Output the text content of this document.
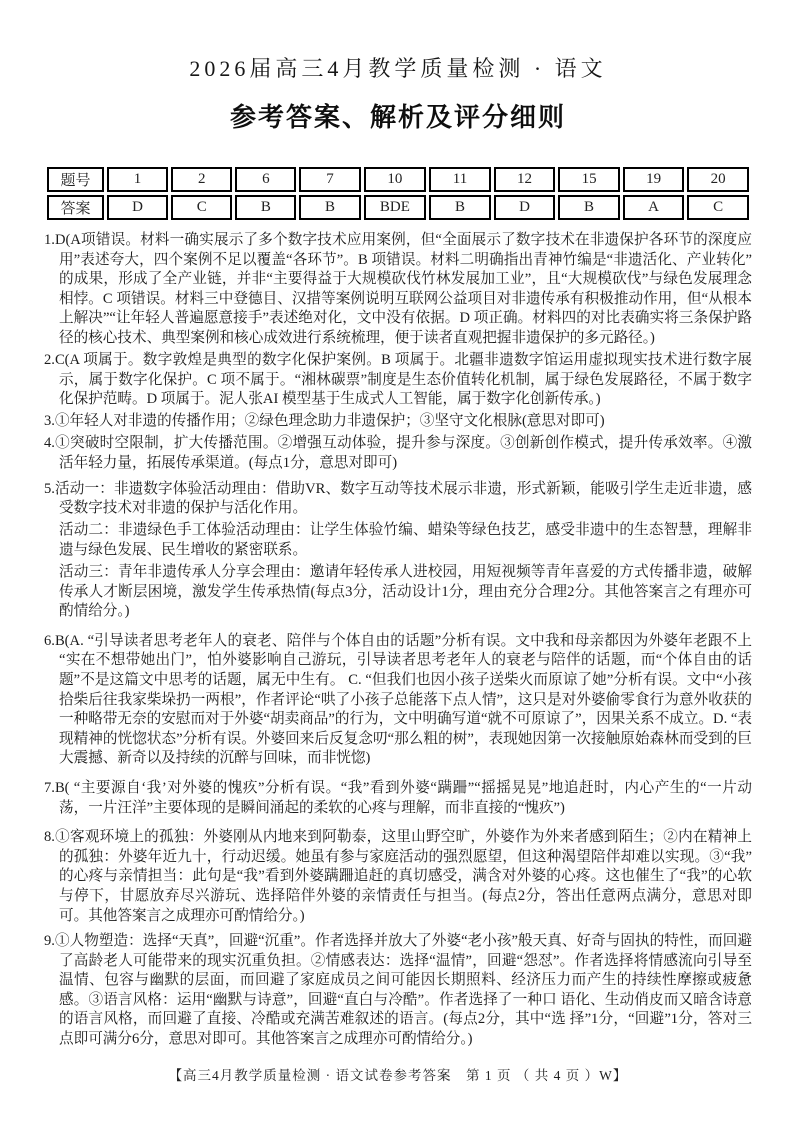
2026届高三4月教学质量检测 · 语文
参考答案、解析及评分细则
题号	1	2	6	7	10	11	12	15	19	20
答案	D	C	B	B	BDE	B	D	B	A	C

1.D(A项错误。材料一确实展示了多个数字技术应用案例，但“全面展示了数字技术在非遗保护各环节的深度应用”表述夸大，四个案例不足以覆盖“各环节”。B 项错误。材料二明确指出青神竹编是“非遗活化、产业转化”的成果，形成了全产业链，并非“主要得益于大规模砍伐竹林发展加工业”，且“大规模砍伐”与绿色发展理念相悖。C 项错误。材料三中登德目、汉措等案例说明互联网公益项目对非遗传承有积极推动作用，但“从根本上解决”“让年轻人普遍愿意接手”表述绝对化，文中没有依据。D 项正确。材料四的对比表确实将三条保护路径的核心技术、典型案例和核心成效进行系统梳理，便于读者直观把握非遗保护的多元路径。)

2.C(A 项属于。数字敦煌是典型的数字化保护案例。B 项属于。北疆非遗数字馆运用虚拟现实技术进行数字展示，属于数字化保护。C 项不属于。“湘林碳票”制度是生态价值转化机制，属于绿色发展路径，不属于数字化保护范畴。D 项属于。泥人张AI 模型基于生成式人工智能，属于数字化创新传承。)

3.①年轻人对非遗的传播作用；②绿色理念助力非遗保护；③坚守文化根脉(意思对即可)

4.①突破时空限制，扩大传播范围。②增强互动体验，提升参与深度。③创新创作模式，提升传承效率。④激活年轻力量，拓展传承渠道。(每点1分，意思对即可)

5.活动一：非遗数字体验活动理由：借助VR、数字互动等技术展示非遗，形式新颖，能吸引学生走近非遗，感受数字技术对非遗的保护与活化作用。

活动二：非遗绿色手工体验活动理由：让学生体验竹编、蜡染等绿色技艺，感受非遗中的生态智慧，理解非遗与绿色发展、民生增收的紧密联系。

活动三：青年非遗传承人分享会理由：邀请年轻传承人进校园，用短视频等青年喜爱的方式传播非遗，破解传承人才断层困境，激发学生传承热情(每点3分，活动设计1分，理由充分合理2分。其他答案言之有理亦可酌情给分。)

6.B(A. “引导读者思考老年人的衰老、陪伴与个体自由的话题”分析有误。文中我和母亲都因为外婆年老跟不上“实在不想带她出门”，怕外婆影响自己游玩，引导读者思考老年人的衰老与陪伴的话题，而“个体自由的话题”不是这篇文中思考的话题，属无中生有。 C. “但我们也因小孩子送柴火而原谅了她”分析有误。文中“小孩拾柴后往我家柴垛扔一两根”，作者评论“哄了小孩子总能落下点人情”，这只是对外婆偷零食行为意外收获的一种略带无奈的安慰而对于外婆“胡卖商品”的行为，文中明确写道“就不可原谅了”，因果关系不成立。D. “表现精神的恍惚状态”分析有误。外婆回来后反复念叨“那么粗的树”，表现她因第一次接触原始森林而受到的巨大震撼、新奇以及持续的沉醉与回味，而非恍惚)

7.B( “主要源自‘我’对外婆的愧疚”分析有误。“我”看到外婆“蹒跚”“摇摇晃晃”地追赶时，内心产生的“一片动荡，一片汪洋”主要体现的是瞬间涌起的柔软的心疼与理解，而非直接的“愧疚”)

8.①客观环境上的孤独：外婆刚从内地来到阿勒泰，这里山野空旷，外婆作为外来者感到陌生；②内在精神上的孤独：外婆年近九十，行动迟缓。她虽有参与家庭活动的强烈愿望，但这种渴望陪伴却难以实现。③“我”的心疼与亲情担当：此句是“我”看到外婆蹒跚追赶的真切感受，满含对外婆的心疼。这也催生了“我”的心软与停下，甘愿放弃尽兴游玩、选择陪伴外婆的亲情责任与担当。(每点2分，答出任意两点满分，意思对即可。其他答案言之成理亦可酌情给分。)

9.①人物塑造：选择“天真”，回避“沉重”。作者选择并放大了外婆“老小孩”般天真、好奇与固执的特性，而回避了高龄老人可能带来的现实沉重负担。②情感表达：选择“温情”，回避“怨怼”。作者选择将情感流向引导至温情、包容与幽默的层面，而回避了家庭成员之间可能因长期照料、经济压力而产生的持续性摩擦或疲惫感。③语言风格：运用“幽默与诗意”，回避“直白与冷酷”。作者选择了一种口 语化、生动俏皮而又暗含诗意的语言风格，而回避了直接、冷酷或充满苦难叙述的语言。(每点2分，其中“选 择”1分，“回避”1分，答对三点即可满分6分，意思对即可。其他答案言之成理亦可酌情给分。)

【高三4月教学质量检测 · 语文试卷参考答案　第 1 页 （ 共 4 页 ）W】
